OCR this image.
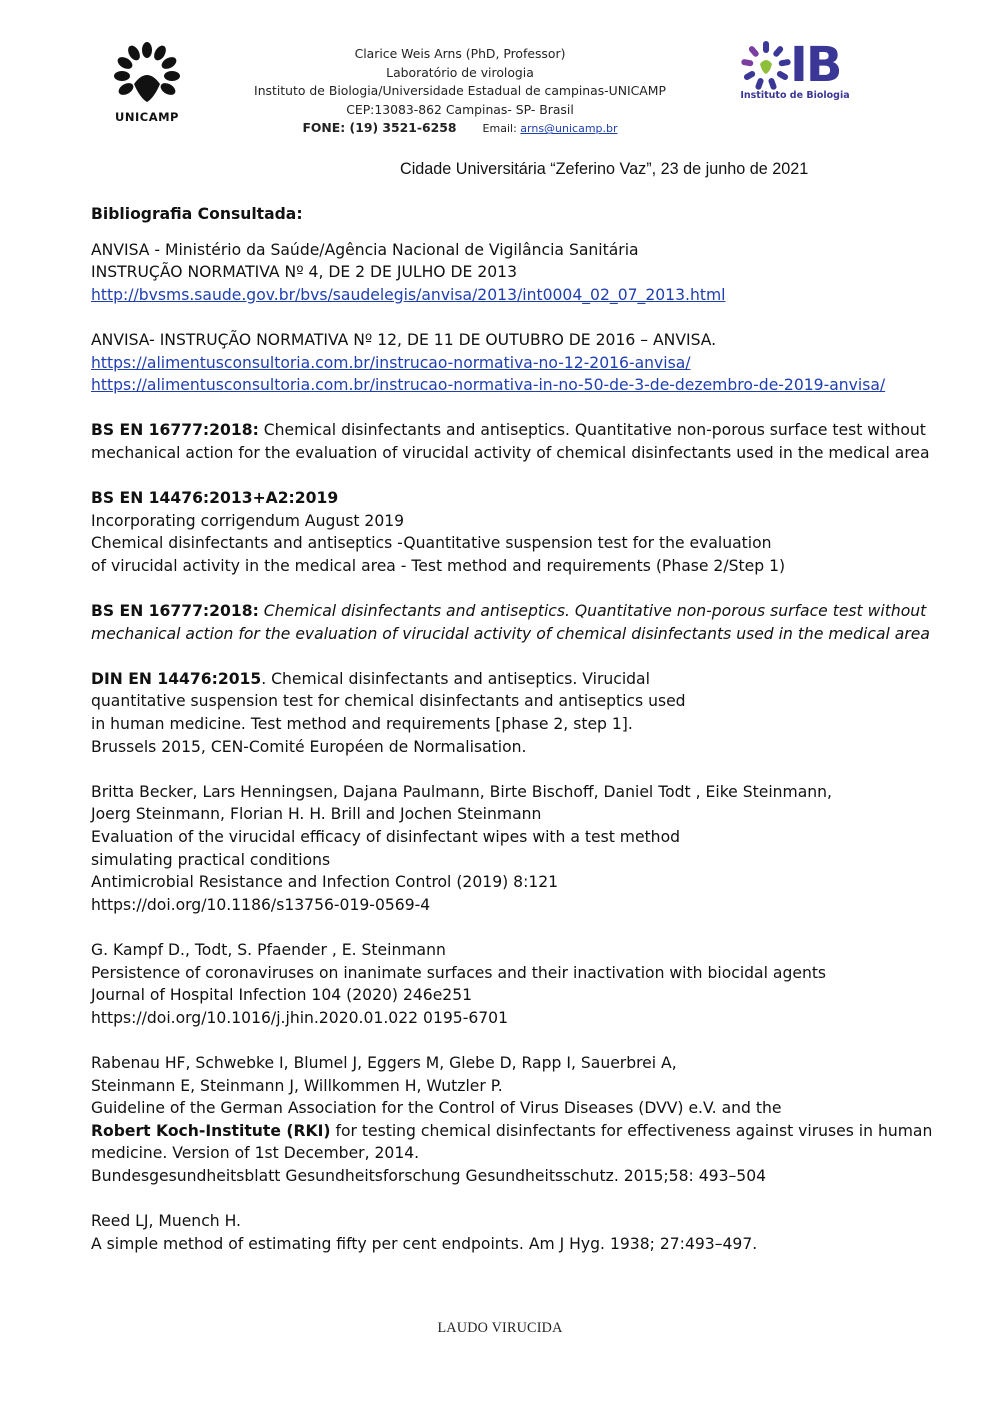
UNICAMP
Clarice Weis Arns (PhD, Professor)
Laboratório de virologia
Instituto de Biologia/Universidade Estadual de campinas-UNICAMP
CEP:13083-862 Campinas- SP- Brasil
FONE: (19) 3521-6258 Email: arns@unicamp.br
IB
Instituto de Biologia
Cidade Universitária “Zeferino Vaz”, 23 de junho de 2021
Bibliografia Consultada:
ANVISA - Ministério da Saúde/Agência Nacional de Vigilância Sanitária
INSTRUÇÃO NORMATIVA Nº 4, DE 2 DE JULHO DE 2013
http://bvsms.saude.gov.br/bvs/saudelegis/anvisa/2013/int0004_02_07_2013.html
ANVISA- INSTRUÇÃO NORMATIVA Nº 12, DE 11 DE OUTUBRO DE 2016 – ANVISA.
https://alimentusconsultoria.com.br/instrucao-normativa-no-12-2016-anvisa/
https://alimentusconsultoria.com.br/instrucao-normativa-in-no-50-de-3-de-dezembro-de-2019-anvisa/
BS EN 16777:2018: Chemical disinfectants and antiseptics. Quantitative non-porous surface test without
mechanical action for the evaluation of virucidal activity of chemical disinfectants used in the medical area
BS EN 14476:2013+A2:2019
Incorporating corrigendum August 2019
Chemical disinfectants and antiseptics -Quantitative suspension test for the evaluation
of virucidal activity in the medical area - Test method and requirements (Phase 2/Step 1)
BS EN 16777:2018: Chemical disinfectants and antiseptics. Quantitative non-porous surface test without
mechanical action for the evaluation of virucidal activity of chemical disinfectants used in the medical area
DIN EN 14476:2015. Chemical disinfectants and antiseptics. Virucidal
quantitative suspension test for chemical disinfectants and antiseptics used
in human medicine. Test method and requirements [phase 2, step 1].
Brussels 2015, CEN-Comité Européen de Normalisation.
Britta Becker, Lars Henningsen, Dajana Paulmann, Birte Bischoff, Daniel Todt , Eike Steinmann,
Joerg Steinmann, Florian H. H. Brill and Jochen Steinmann
Evaluation of the virucidal efficacy of disinfectant wipes with a test method
simulating practical conditions
Antimicrobial Resistance and Infection Control (2019) 8:121
https://doi.org/10.1186/s13756-019-0569-4
G. Kampf D., Todt, S. Pfaender , E. Steinmann
Persistence of coronaviruses on inanimate surfaces and their inactivation with biocidal agents
Journal of Hospital Infection 104 (2020) 246e251
https://doi.org/10.1016/j.jhin.2020.01.022 0195-6701
Rabenau HF, Schwebke I, Blumel J, Eggers M, Glebe D, Rapp I, Sauerbrei A,
Steinmann E, Steinmann J, Willkommen H, Wutzler P.
Guideline of the German Association for the Control of Virus Diseases (DVV) e.V. and the
Robert Koch-Institute (RKI) for testing chemical disinfectants for effectiveness against viruses in human
medicine. Version of 1st December, 2014.
Bundesgesundheitsblatt Gesundheitsforschung Gesundheitsschutz. 2015;58: 493–504
Reed LJ, Muench H.
A simple method of estimating fifty per cent endpoints. Am J Hyg. 1938; 27:493–497.
LAUDO VIRUCIDA
